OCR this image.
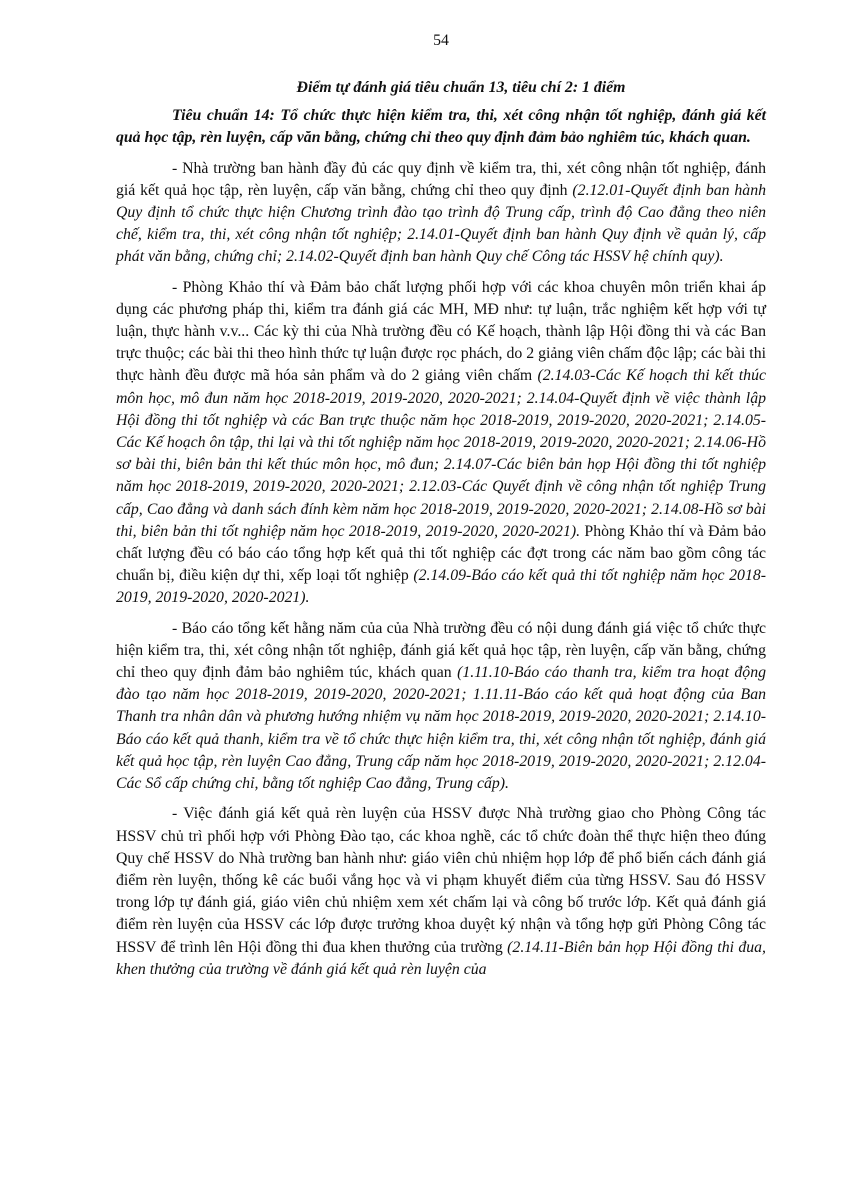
54

Điểm tự đánh giá tiêu chuẩn 13, tiêu chí 2: 1 điểm

Tiêu chuẩn 14: Tổ chức thực hiện kiểm tra, thi, xét công nhận tốt nghiệp, đánh giá kết quả học tập, rèn luyện, cấp văn bằng, chứng chỉ theo quy định đảm bảo nghiêm túc, khách quan.

- Nhà trường ban hành đầy đủ các quy định về kiểm tra, thi, xét công nhận tốt nghiệp, đánh giá kết quả học tập, rèn luyện, cấp văn bằng, chứng chỉ theo quy định (2.12.01-Quyết định ban hành Quy định tổ chức thực hiện Chương trình đào tạo trình độ Trung cấp, trình độ Cao đẳng theo niên chế, kiểm tra, thi, xét công nhận tốt nghiệp; 2.14.01-Quyết định ban hành Quy định về quản lý, cấp phát văn bằng, chứng chỉ; 2.14.02-Quyết định ban hành Quy chế Công tác HSSV hệ chính quy).

- Phòng Khảo thí và Đảm bảo chất lượng phối hợp với các khoa chuyên môn triển khai áp dụng các phương pháp thi, kiểm tra đánh giá các MH, MĐ như: tự luận, trắc nghiệm kết hợp với tự luận, thực hành v.v... Các kỳ thi của Nhà trường đều có Kế hoạch, thành lập Hội đồng thi và các Ban trực thuộc; các bài thi theo hình thức tự luận được rọc phách, do 2 giảng viên chấm độc lập; các bài thi thực hành đều được mã hóa sản phẩm và do 2 giảng viên chấm (2.14.03-Các Kế hoạch thi kết thúc môn học, mô đun năm học 2018-2019, 2019-2020, 2020-2021; 2.14.04-Quyết định về việc thành lập Hội đồng thi tốt nghiệp và các Ban trực thuộc năm học 2018-2019, 2019-2020, 2020-2021; 2.14.05-Các Kế hoạch ôn tập, thi lại và thi tốt nghiệp năm học 2018-2019, 2019-2020, 2020-2021; 2.14.06-Hồ sơ bài thi, biên bản thi kết thúc môn học, mô đun; 2.14.07-Các biên bản họp Hội đồng thi tốt nghiệp năm học 2018-2019, 2019-2020, 2020-2021; 2.12.03-Các Quyết định về công nhận tốt nghiệp Trung cấp, Cao đẳng và danh sách đính kèm năm học 2018-2019, 2019-2020, 2020-2021; 2.14.08-Hồ sơ bài thi, biên bản thi tốt nghiệp năm học 2018-2019, 2019-2020, 2020-2021). Phòng Khảo thí và Đảm bảo chất lượng đều có báo cáo tổng hợp kết quả thi tốt nghiệp các đợt trong các năm bao gồm công tác chuẩn bị, điều kiện dự thi, xếp loại tốt nghiệp (2.14.09-Báo cáo kết quả thi tốt nghiệp năm học 2018-2019, 2019-2020, 2020-2021).

- Báo cáo tổng kết hằng năm của của Nhà trường đều có nội dung đánh giá việc tổ chức thực hiện kiểm tra, thi, xét công nhận tốt nghiệp, đánh giá kết quả học tập, rèn luyện, cấp văn bằng, chứng chỉ theo quy định đảm bảo nghiêm túc, khách quan (1.11.10-Báo cáo thanh tra, kiểm tra hoạt động đào tạo năm học 2018-2019, 2019-2020, 2020-2021; 1.11.11-Báo cáo kết quả hoạt động của Ban Thanh tra nhân dân và phương hướng nhiệm vụ năm học 2018-2019, 2019-2020, 2020-2021; 2.14.10-Báo cáo kết quả thanh, kiểm tra về tổ chức thực hiện kiểm tra, thi, xét công nhận tốt nghiệp, đánh giá kết quả học tập, rèn luyện Cao đẳng, Trung cấp năm học 2018-2019, 2019-2020, 2020-2021; 2.12.04-Các Sổ cấp chứng chỉ, bằng tốt nghiệp Cao đẳng, Trung cấp).

- Việc đánh giá kết quả rèn luyện của HSSV được Nhà trường giao cho Phòng Công tác HSSV chủ trì phối hợp với Phòng Đào tạo, các khoa nghề, các tổ chức đoàn thể thực hiện theo đúng Quy chế HSSV do Nhà trường ban hành như: giáo viên chủ nhiệm họp lớp để phổ biến cách đánh giá điểm rèn luyện, thống kê các buổi vắng học và vi phạm khuyết điểm của từng HSSV. Sau đó HSSV trong lớp tự đánh giá, giáo viên chủ nhiệm xem xét chấm lại và công bố trước lớp. Kết quả đánh giá điểm rèn luyện của HSSV các lớp được trưởng khoa duyệt ký nhận và tổng hợp gửi Phòng Công tác HSSV để trình lên Hội đồng thi đua khen thưởng của trường (2.14.11-Biên bản họp Hội đồng thi đua, khen thưởng của trường về đánh giá kết quả rèn luyện của
